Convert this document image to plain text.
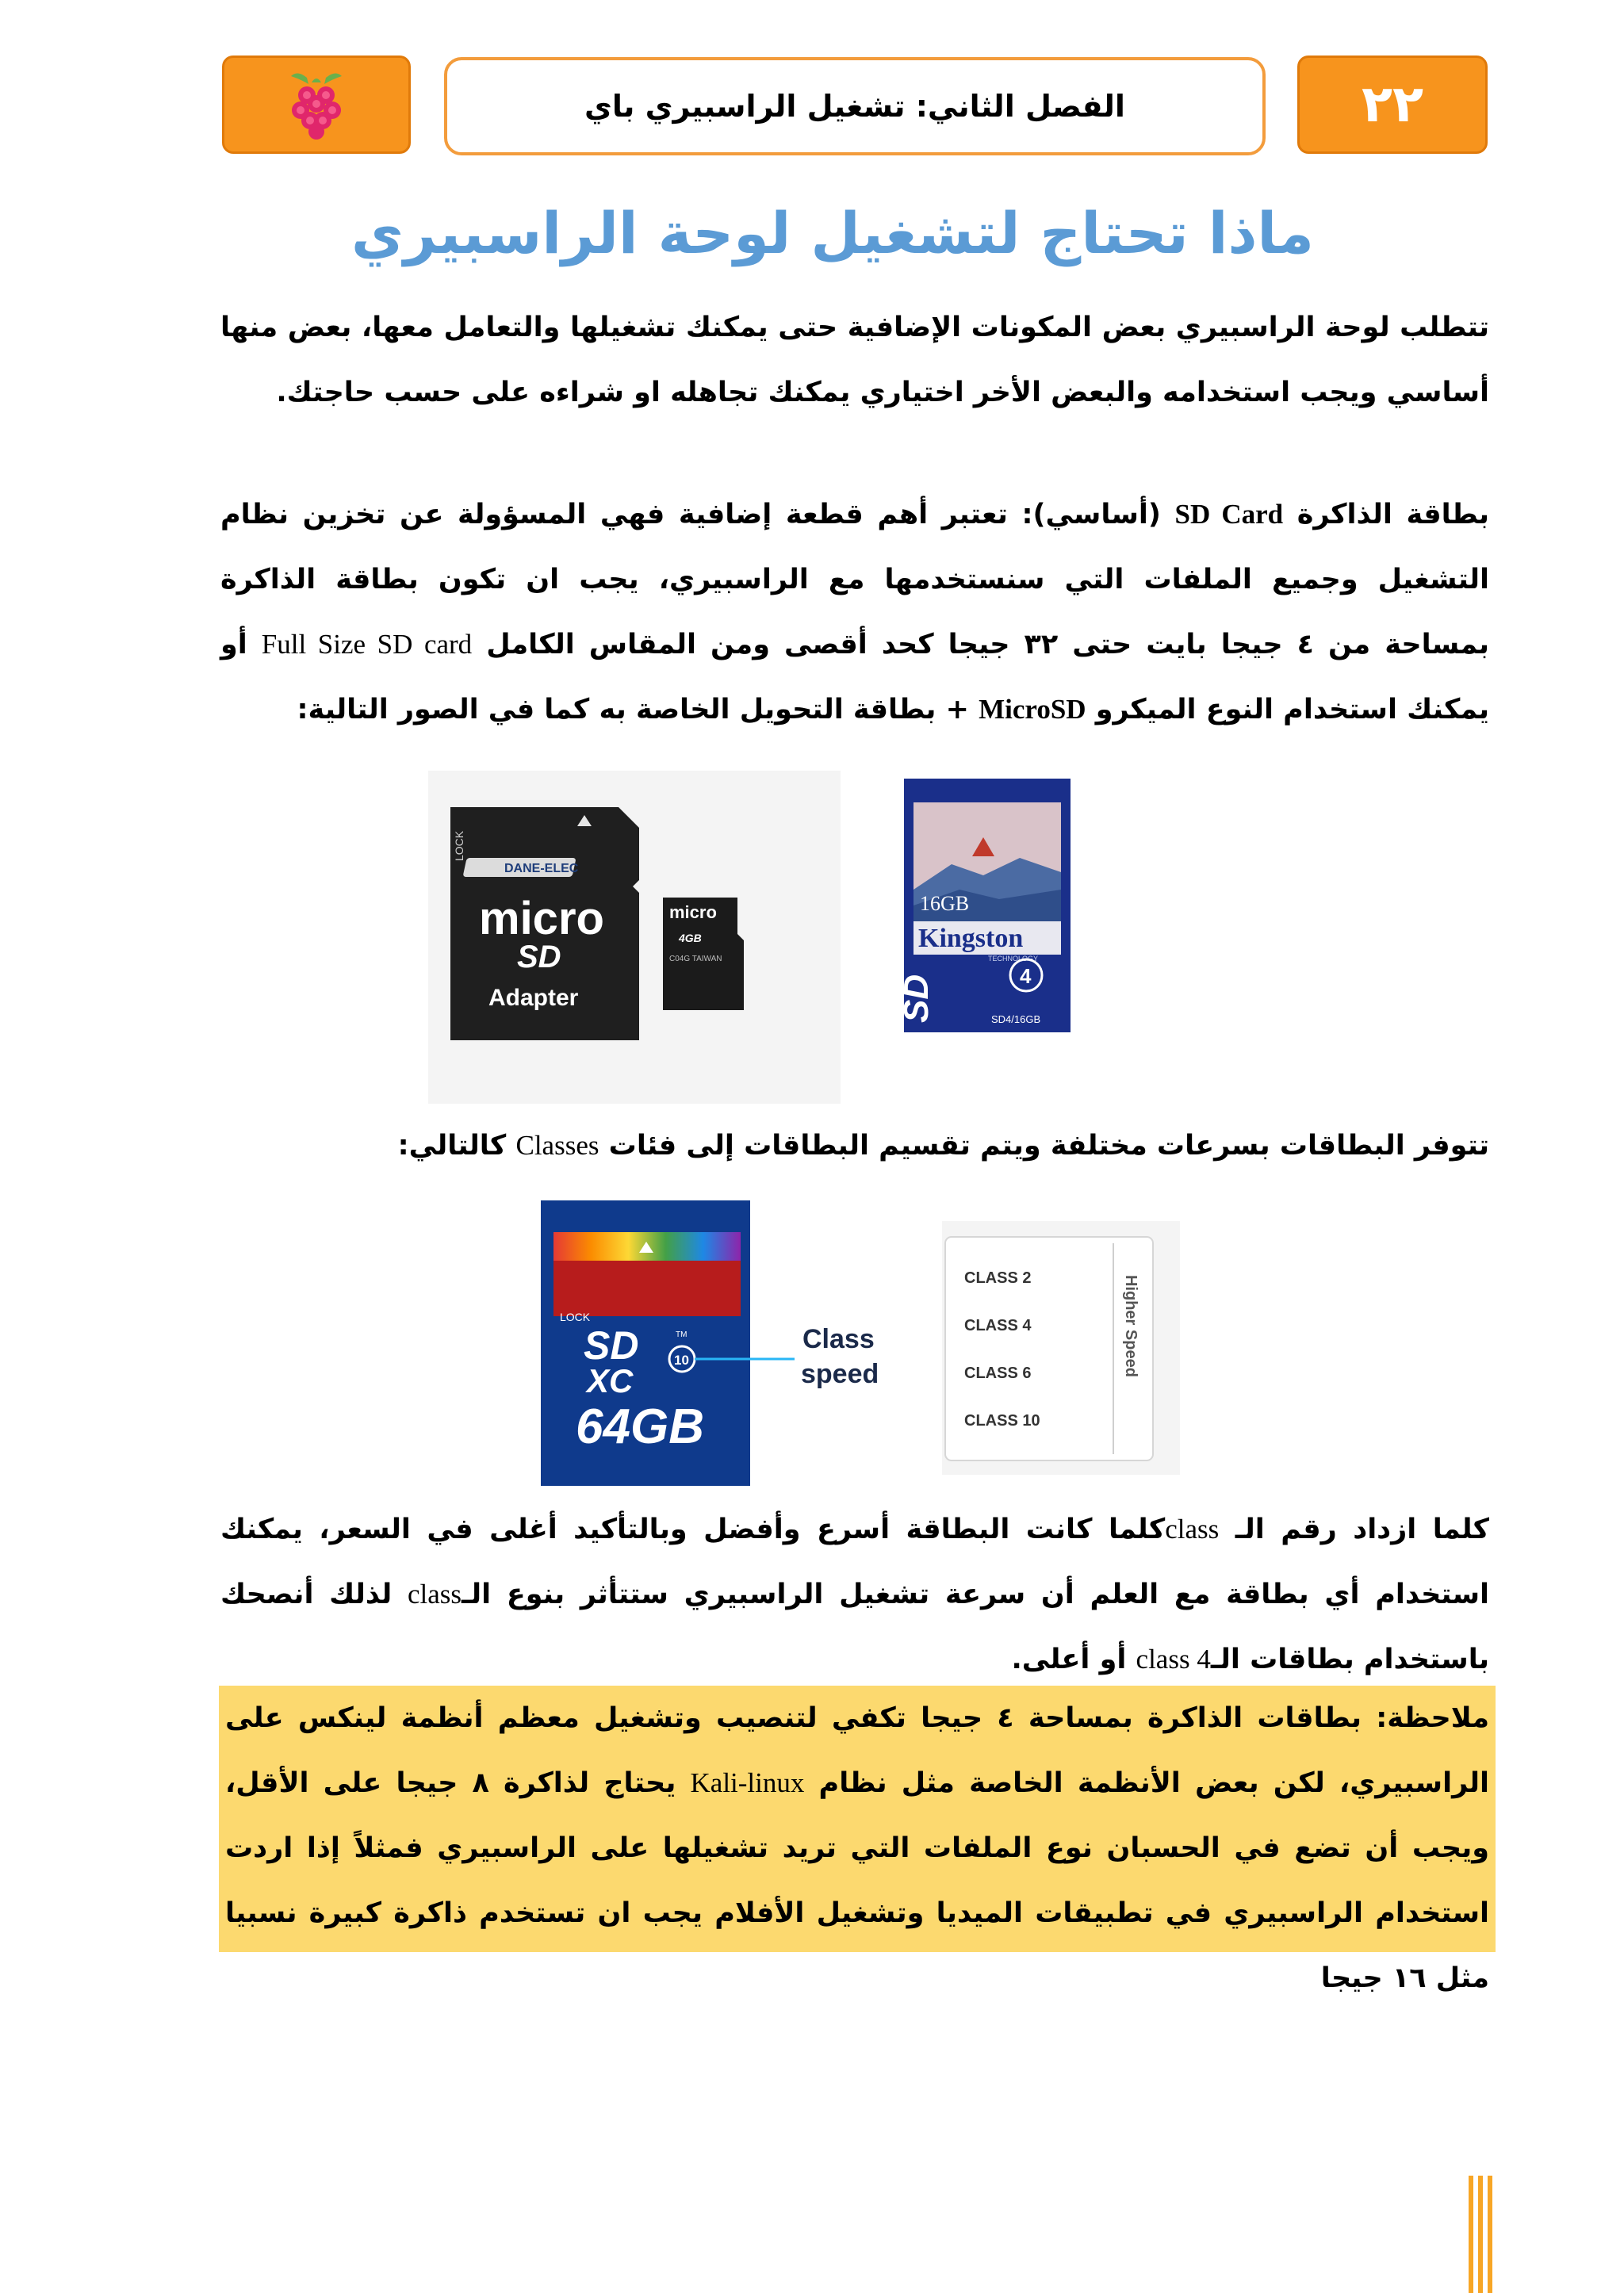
الفصل الثاني: تشغيل الراسبيري باي	٢٢
ماذا تحتاج لتشغيل لوحة الراسبيري
تتطلب لوحة الراسبيري بعض المكونات الإضافية حتى يمكنك تشغيلها والتعامل معها، بعض منها أساسي ويجب استخدامه والبعض الأخر اختياري يمكنك تجاهله او شراءه على حسب حاجتك.
بطاقة الذاكرة SD Card (أساسي): تعتبر أهم قطعة إضافية فهي المسؤولة عن تخزين نظام التشغيل وجميع الملفات التي سنستخدمها مع الراسبيري، يجب ان تكون بطاقة الذاكرة بمساحة من ٤ جيجا بايت حتى ٣٢ جيجا كحد أقصى ومن المقاس الكامل Full Size SD card أو يمكنك استخدام النوع الميكرو MicroSD + بطاقة التحويل الخاصة به كما في الصور التالية:
LOCK
DANE-ELEC
micro
SD
Adapter
micro
4GB
C04G TAIWAN
16GB
Kingston
TECHNOLOGY
SD	4
SD4/16GB
تتوفر البطاقات بسرعات مختلفة ويتم تقسيم البطاقات إلى فئات Classes كالتالي:
LOCK
SD
XC
TM
10
64GB
Class
speed
CLASS 2
CLASS 4
CLASS 6
CLASS 10
Higher Speed
كلما ازداد رقم الـ classكلما كانت البطاقة أسرع وأفضل وبالتأكيد أغلى في السعر، يمكنك استخدام أي بطاقة مع العلم أن سرعة تشغيل الراسبيري ستتأثر بنوع الـclass لذلك أنصحك باستخدام بطاقات الـclass 4 أو أعلى.
ملاحظة: بطاقات الذاكرة بمساحة ٤ جيجا تكفي لتنصيب وتشغيل معظم أنظمة لينكس على الراسبيري، لكن بعض الأنظمة الخاصة مثل نظام Kali-linux يحتاج لذاكرة ٨ جيجا على الأقل، ويجب أن تضع في الحسبان نوع الملفات التي تريد تشغيلها على الراسبيري فمثلاً إذا اردت استخدام الراسبيري في تطبيقات الميديا وتشغيل الأفلام يجب ان تستخدم ذاكرة كبيرة نسبيا مثل ١٦ جيجا
